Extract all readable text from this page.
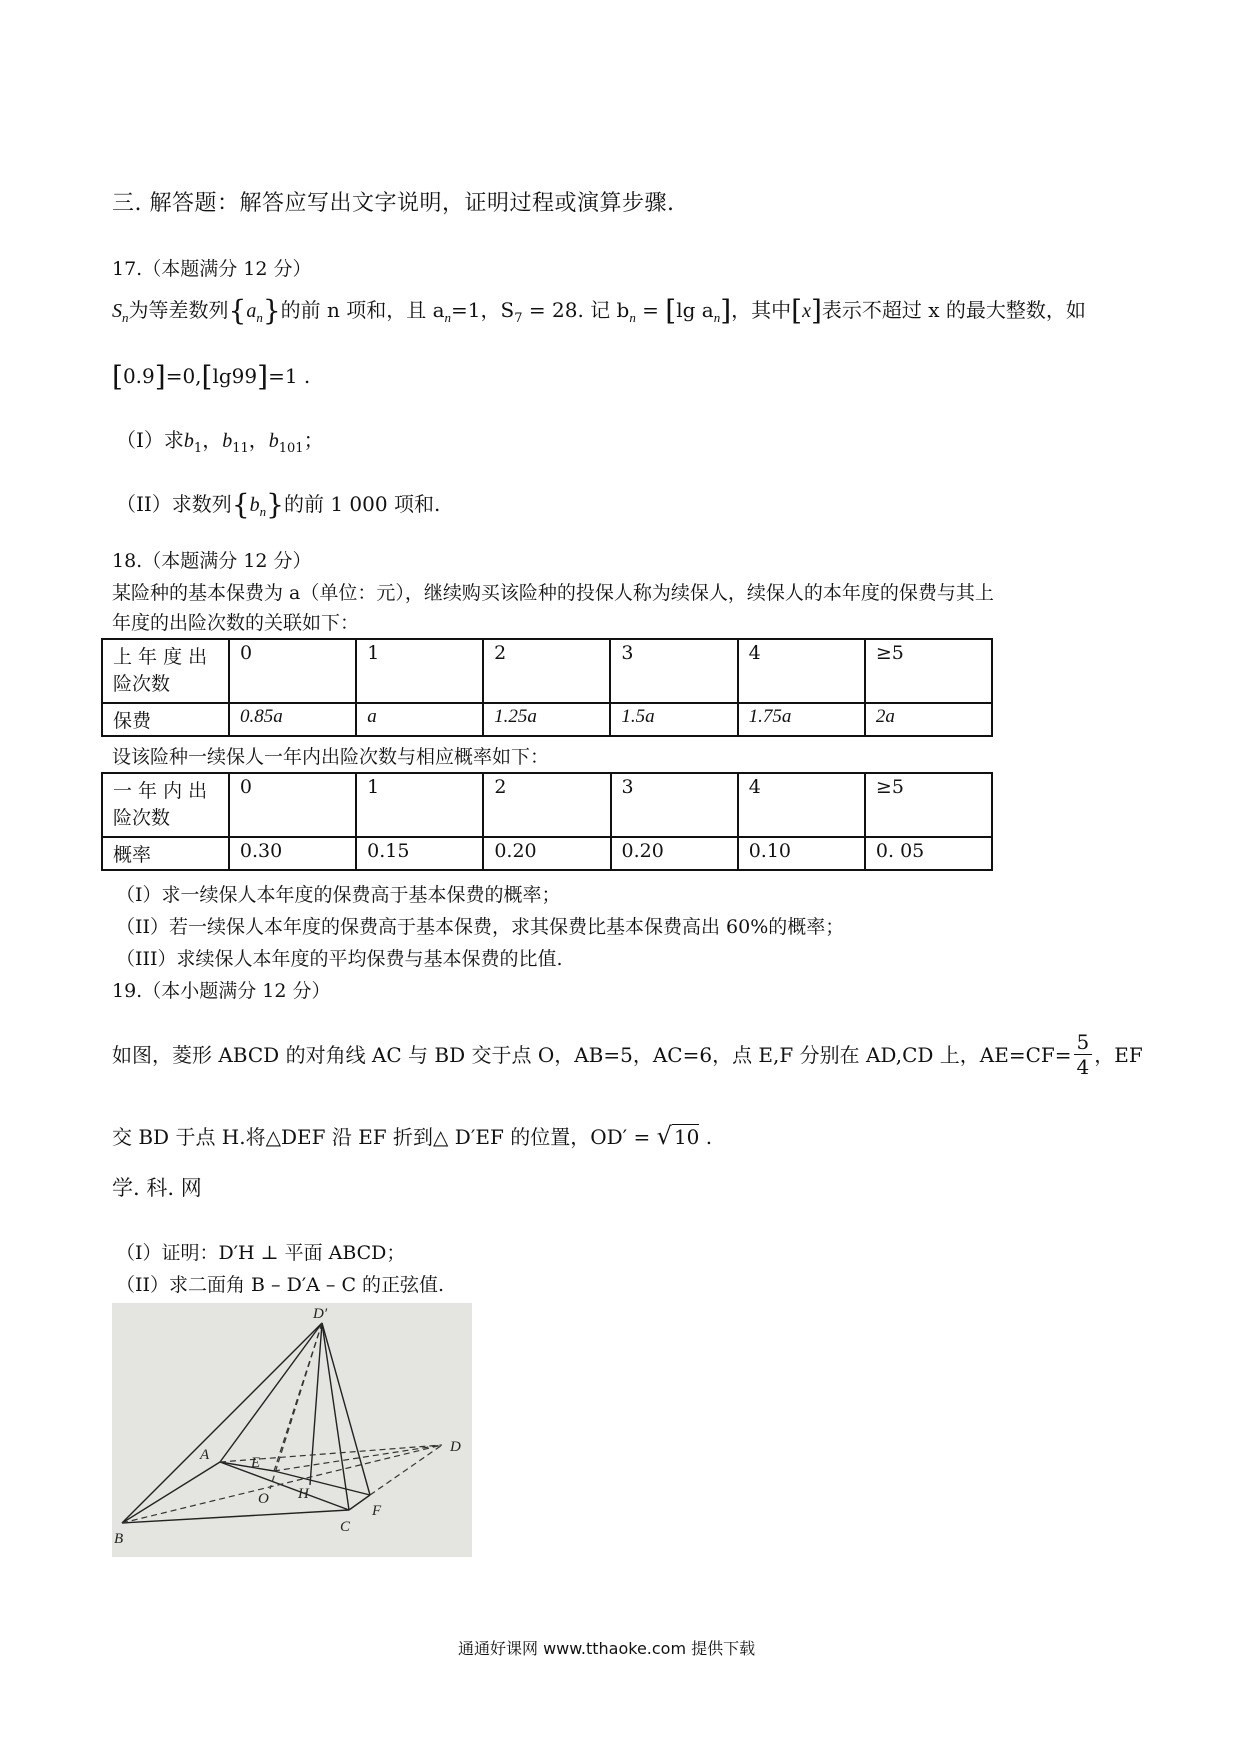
三. 解答题：解答应写出文字说明，证明过程或演算步骤.
17.（本题满分 12 分）
$S_n$为等差数列$\{a_n\}$的前 n 项和，且 $a_n=1$，$S_7 = 28$. 记 $b_n = [\lg$ $a_n$]，其中[x]表示不超过 x 的最大整数，如
[0.9]=0,[lg99]=1 .
（I）求$b_1$，$b_{11}$，$b_{101}$；
（II）求数列$\{b_n\}$的前 1 000 项和.
18.（本题满分 12 分）
某险种的基本保费为 a（单位：元），继续购买该险种的投保人称为续保人，续保人的本年度的保费与其上
年度的出险次数的关联如下：
上 年 度 出
险次数	0	1	2	3	4	≥5
保费	0.85a	a	1.25a	1.5a	1.75a	2a
设该险种一续保人一年内出险次数与相应概率如下：
一 年 内 出
险次数	0	1	2	3	4	≥5
概率	0.30	0.15	0.20	0.20	0.10	0. 05
（I）求一续保人本年度的保费高于基本保费的概率；
（II）若一续保人本年度的保费高于基本保费，求其保费比基本保费高出 60%的概率；
（III）求续保人本年度的平均保费与基本保费的比值.
19.（本小题满分 12 分）
如图，菱形 ABCD 的对角线 AC 与 BD 交于点 O，AB=5，AC=6，点 E,F 分别在 AD,CD 上，$AE=CF= \frac{5}{4}$ ，EF
交 BD 于点 H.将△DEF 沿 EF 折到△ D′EF 的位置，OD′ = √ 10 .
学. 科. 网
（I）证明：D′H ⊥ 平面 ABCD；
（II）求二面角 B – D′A – C 的正弦值.
D′
A	E
D
O H
B
C
F
通通好课网 www.tthaoke.com 提供下载
